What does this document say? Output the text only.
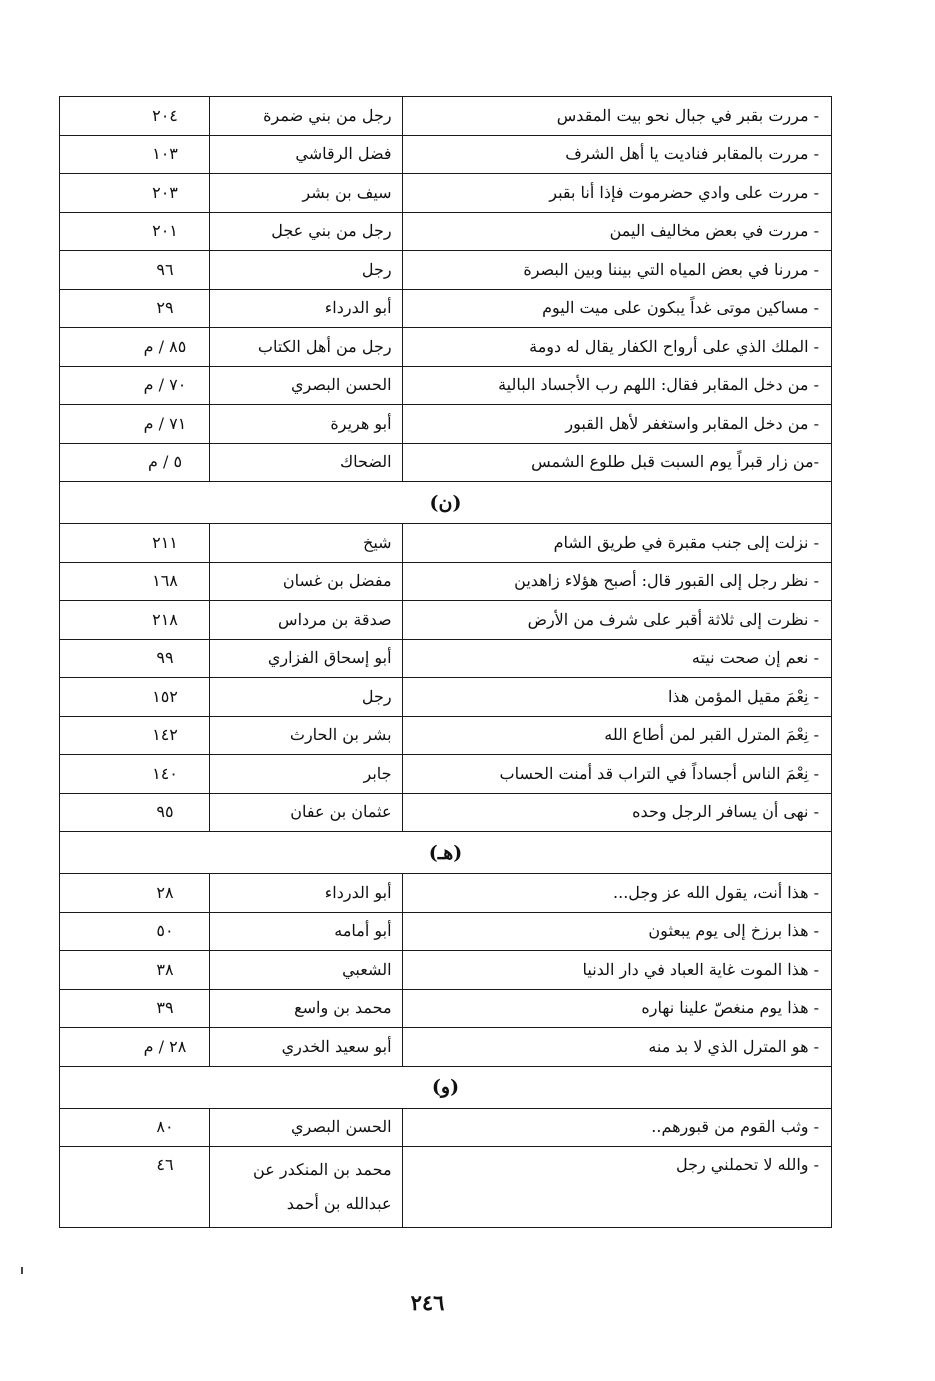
- مررت بقبر في جبال نحو بيت المقدس	رجل من بني ضمرة	٢٠٤
- مررت بالمقابر فناديت يا أهل الشرف	فضل الرقاشي	١٠٣
- مررت على وادي حضرموت فإذا أنا بقبر	سيف بن بشر	٢٠٣
- مررت في بعض مخاليف اليمن	رجل من بني عجل	٢٠١
- مررنا في بعض المياه التي بيننا وبين البصرة	رجل	٩٦
- مساكين موتى غداً يبكون على ميت اليوم	أبو الدرداء	٢٩
- الملك الذي على أرواح الكفار يقال له دومة	رجل من أهل الكتاب	٨٥ / م
- من دخل المقابر فقال: اللهم رب الأجساد البالية	الحسن البصري	٧٠ / م
- من دخل المقابر واستغفر لأهل القبور	أبو هريرة	٧١ / م
-من زار قبراً يوم السبت قبل طلوع الشمس	الضحاك	٥ / م
(ن)		
- نزلت إلى جنب مقبرة في طريق الشام	شيخ	٢١١
- نظر رجل إلى القبور قال: أصبح هؤلاء زاهدين	مفضل بن غسان	١٦٨
- نظرت إلى ثلاثة أقبر على شرف من الأرض	صدقة بن مرداس	٢١٨
- نعم إن صحت نيته	أبو إسحاق الفزاري	٩٩
- نِعْمَ مقيل المؤمن هذا	رجل	١٥٢
- نِعْمَ المترل القبر لمن أطاع الله	بشر بن الحارث	١٤٢
- نِعْمَ الناس أجساداً في التراب قد أمنت الحساب	جابر	١٤٠
- نهى أن يسافر الرجل وحده	عثمان بن عفان	٩٥
(هـ)		
- هذا أنت، يقول الله عز وجل...	أبو الدرداء	٢٨
- هذا برزخ إلى يوم يبعثون	أبو أمامه	٥٠
- هذا الموت غاية العباد في دار الدنيا	الشعبي	٣٨
- هذا يوم منغصّ علينا نهاره	محمد بن واسع	٣٩
- هو المترل الذي لا بد منه	أبو سعيد الخدري	٢٨ / م
(و)		
- وثب القوم من قبورهم..	الحسن البصري	٨٠
- والله لا تحملني رجل	محمد بن المنكدر عن عبدالله بن أحمد	٤٦
٢٤٦
